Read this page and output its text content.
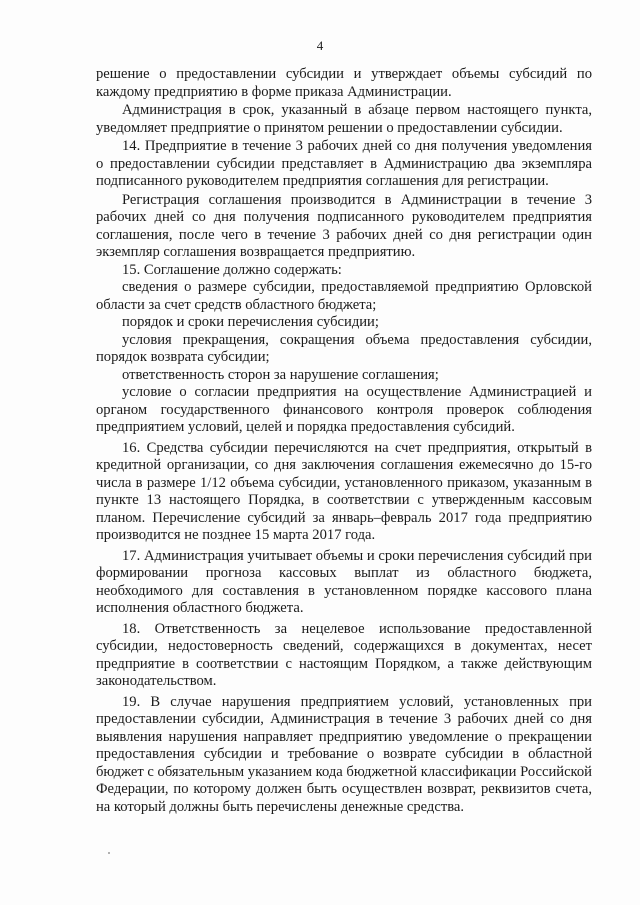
4

решение о предоставлении субсидии и утверждает объемы субсидий по каждому предприятию в форме приказа Администрации.

Администрация в срок, указанный в абзаце первом настоящего пункта, уведомляет предприятие о принятом решении о предоставлении субсидии.

14. Предприятие в течение 3 рабочих дней со дня получения уведомления о предоставлении субсидии представляет в Администрацию два экземпляра подписанного руководителем предприятия соглашения для регистрации.

Регистрация соглашения производится в Администрации в течение 3 рабочих дней со дня получения подписанного руководителем предприятия соглашения, после чего в течение 3 рабочих дней со дня регистрации один экземпляр соглашения возвращается предприятию.

15. Соглашение должно содержать:

сведения о размере субсидии, предоставляемой предприятию Орловской области за счет средств областного бюджета;

порядок и сроки перечисления субсидии;

условия прекращения, сокращения объема предоставления субсидии, порядок возврата субсидии;

ответственность сторон за нарушение соглашения;

условие о согласии предприятия на осуществление Администрацией и органом государственного финансового контроля проверок соблюдения предприятием условий, целей и порядка предоставления субсидий.

16. Средства субсидии перечисляются на счет предприятия, открытый в кредитной организации, со дня заключения соглашения ежемесячно до 15-го числа в размере 1/12 объема субсидии, установленного приказом, указанным в пункте 13 настоящего Порядка, в соответствии с утвержденным кассовым планом. Перечисление субсидий за январь–февраль 2017 года предприятию производится не позднее 15 марта 2017 года.

17. Администрация учитывает объемы и сроки перечисления субсидий при формировании прогноза кассовых выплат из областного бюджета, необходимого для составления в установленном порядке кассового плана исполнения областного бюджета.

18. Ответственность за нецелевое использование предоставленной субсидии, недостоверность сведений, содержащихся в документах, несет предприятие в соответствии с настоящим Порядком, а также действующим законодательством.

19. В случае нарушения предприятием условий, установленных при предоставлении субсидии, Администрация в течение 3 рабочих дней со дня выявления нарушения направляет предприятию уведомление о прекращении предоставления субсидии и требование о возврате субсидии в областной бюджет с обязательным указанием кода бюджетной классификации Российской Федерации, по которому должен быть осуществлен возврат, реквизитов счета, на который должны быть перечислены денежные средства.
